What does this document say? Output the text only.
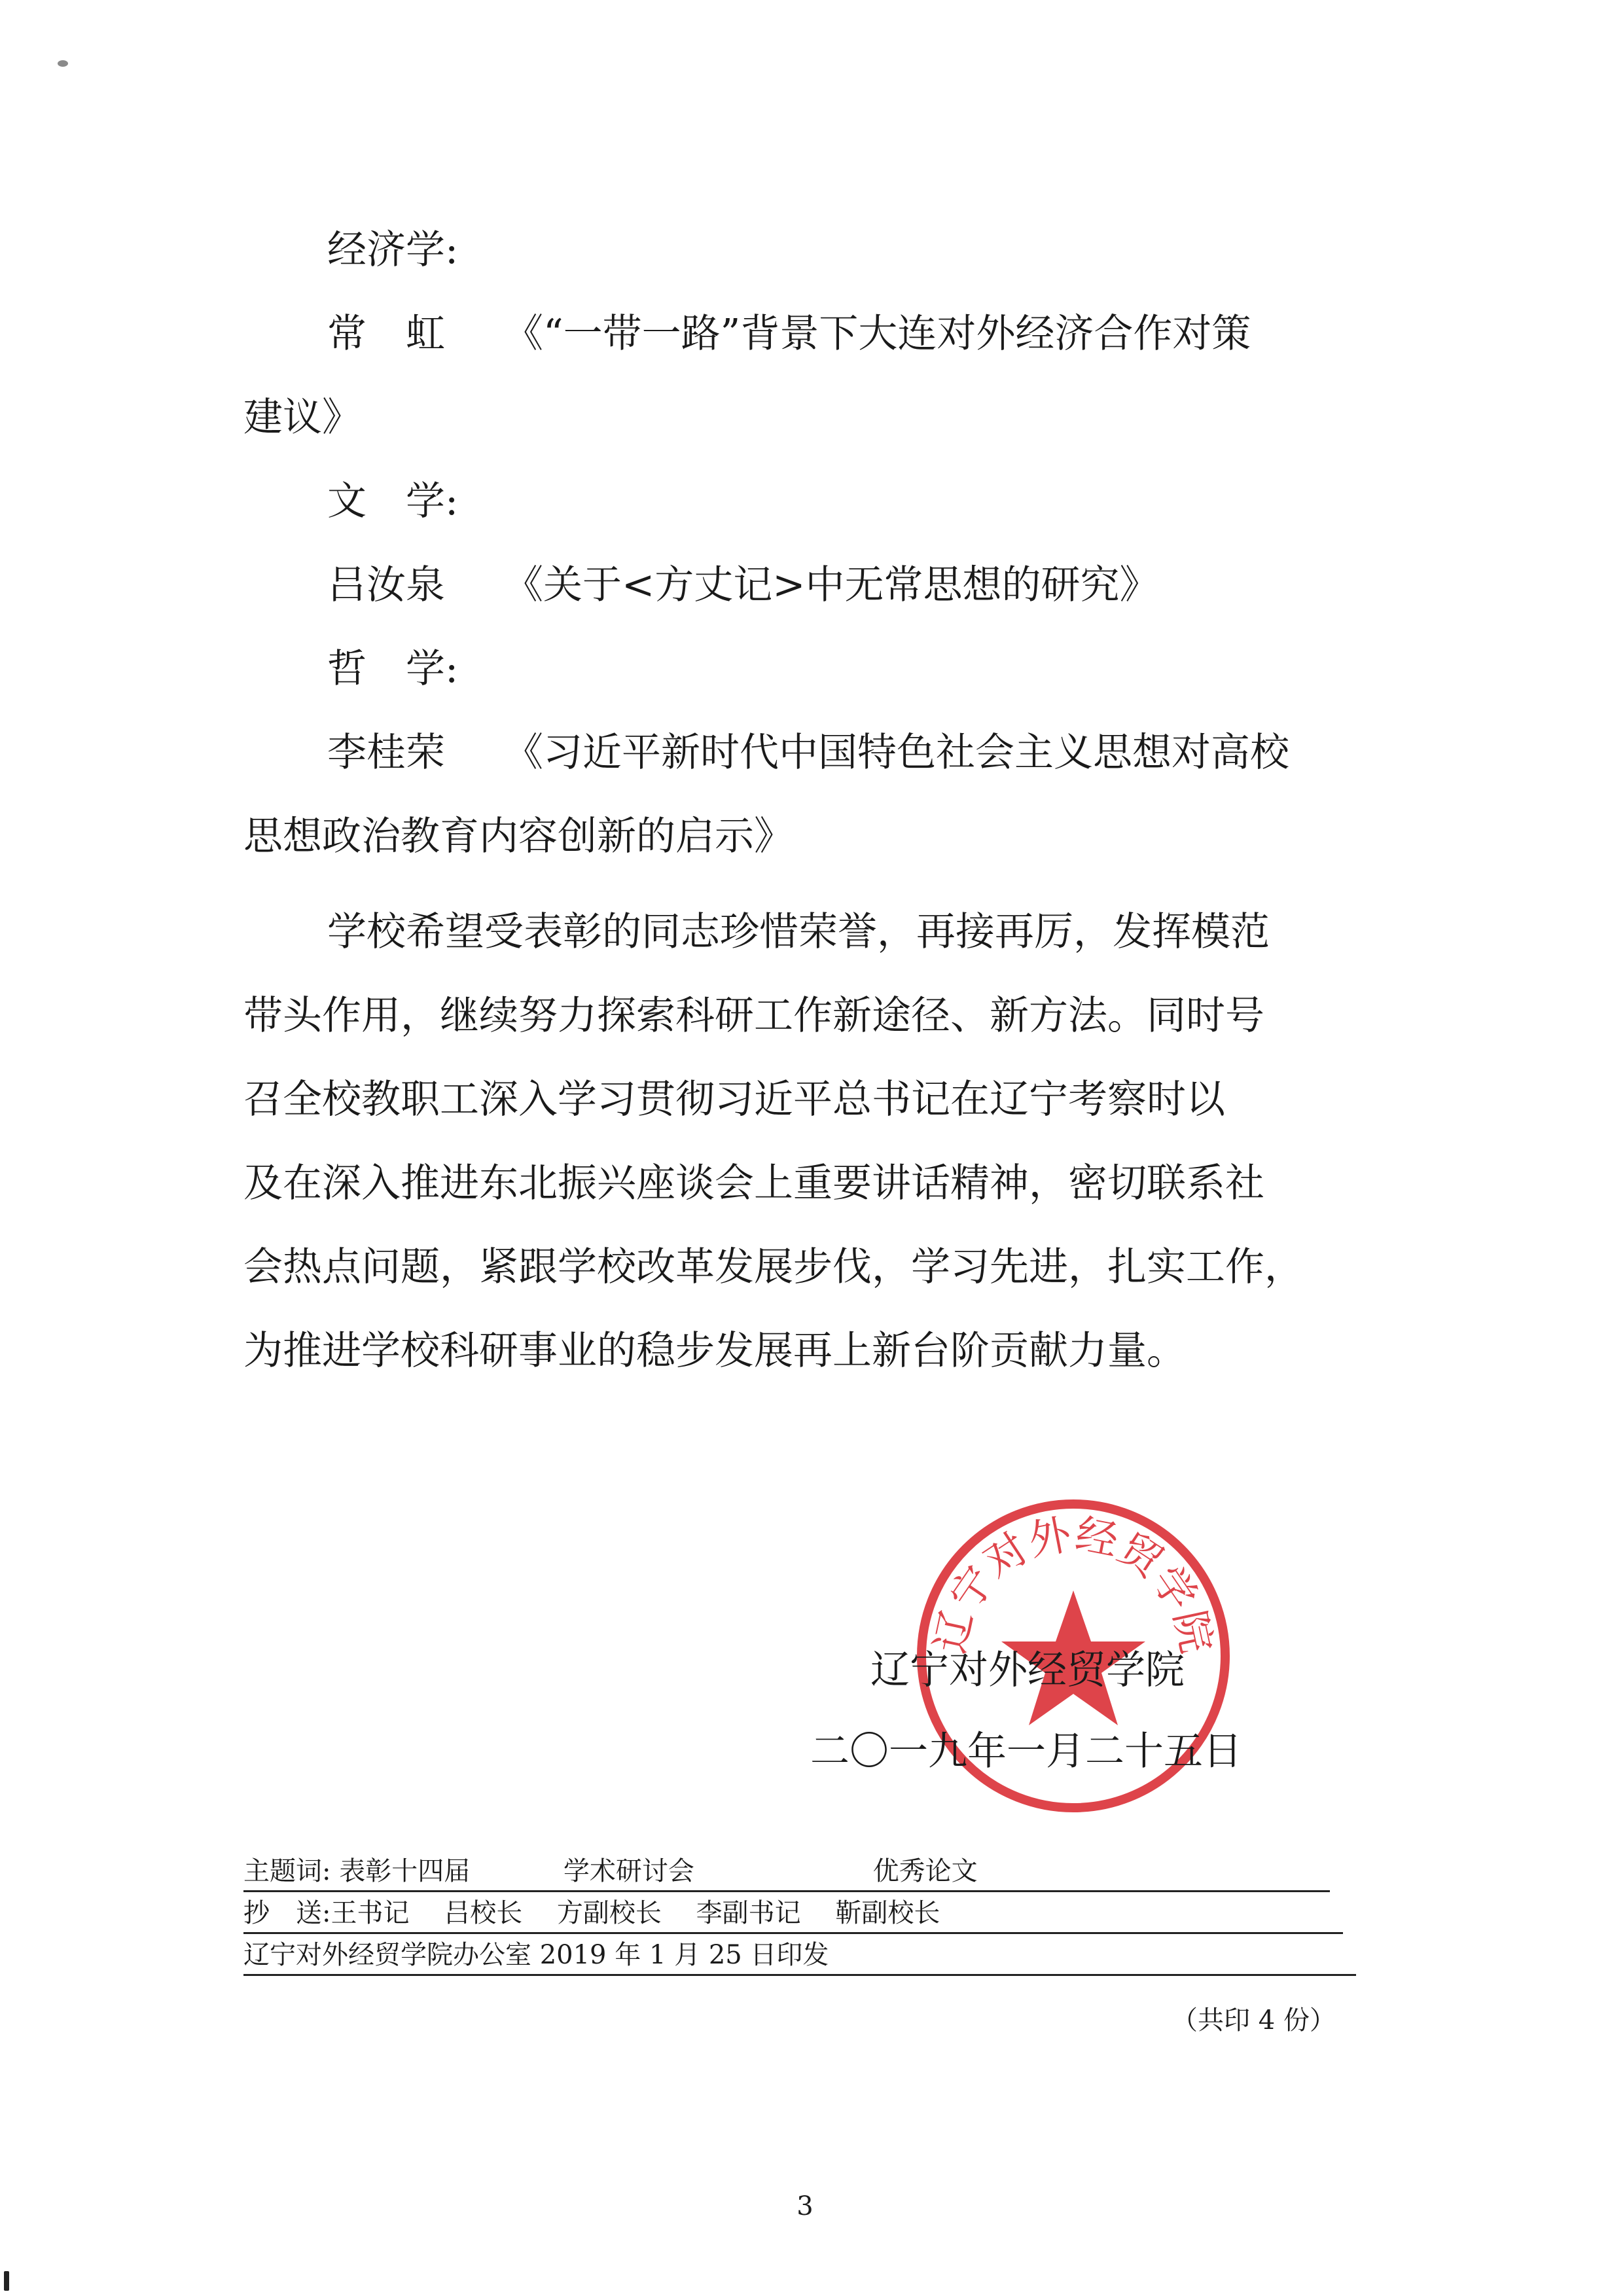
经济学:
常　虹 《“一带一路”背景下大连对外经济合作对策
建议》
文　学:
吕汝泉 《关于<方丈记>中无常思想的研究》
哲　学:
李桂荣 《习近平新时代中国特色社会主义思想对高校
思想政治教育内容创新的启示》
学校希望受表彰的同志珍惜荣誉，再接再厉，发挥模范
带头作用，继续努力探索科研工作新途径、新方法。同时号
召全校教职工深入学习贯彻习近平总书记在辽宁考察时以
及在深入推进东北振兴座谈会上重要讲话精神，密切联系社
会热点问题，紧跟学校改革发展步伐，学习先进，扎实工作，
为推进学校科研事业的稳步发展再上新台阶贡献力量。
辽宁对外经贸学院
辽宁对外经贸学院
二〇一九年一月二十五日
主题词: 表彰十四届	学术研讨会	优秀论文
抄　送:王书记 吕校长 方副校长 李副书记 靳副校长
辽宁对外经贸学院办公室 2019 年 1 月 25 日印发
（共印 4 份）
3
